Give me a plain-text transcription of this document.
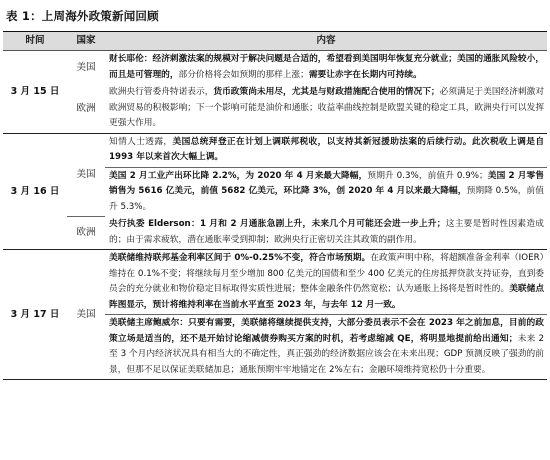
表 1：上周海外政策新闻回顾
时间	国家	内容
3 月 15 日	美国	财长耶伦：经济刺激法案的规模对于解决问题是合适的，希望看到美国明年恢复充分就业；美国的通胀风险较小，而且是可管理的，部分价格将会如预期的那样上涨；需要让赤字在长期内可持续。
	欧洲	欧洲央行管委舟特诺表示，货币政策尚未用尽，尤其是与财政措施配合使用的情况下；必须满足于美国经济刺激对欧洲贸易的积极影响；下一个影响可能是油价和通胀；收益率曲线控制是欧盟关键的稳定工具，欧洲央行可以发挥更强大作用。
3 月 16 日	美国	知情人士透露，美国总统拜登正在计划上调联邦税收，以支持其新冠援助法案的后续行动。此次税收上调是自 1993 年以来首次大幅上调。
		美国 2 月工业产出环比降 2.2%，为 2020 年 4 月来最大降幅，预期升 0.3%，前值升 0.9%；美国 2 月零售销售为 5616 亿美元，前值 5682 亿美元，环比降 3%，创 2020 年 4 月以来最大降幅，预期降 0.5%，前值升 5.3%。
	欧洲	央行执委 Elderson：1 月和 2 月通胀急剧上升，未来几个月可能还会进一步上升；这主要是暂时性因素造成的；由于需求疲软，潜在通胀率受到抑制；欧洲央行正密切关注其政策的副作用。
3 月 17 日	美国	美联储维持联邦基金利率区间于 0%-0.25%不变，符合市场预期。在政策声明中称，将超额准备金利率（IOER）维持在 0.1%不变；将继续每月至少增加 800 亿美元的国债和至少 400 亿美元的住房抵押贷款支持证券，直到委员会的充分就业和物价稳定目标取得实质性进展；整体金融条件仍然宽松；认为通胀上扬将是暂时性的。美联储点阵图显示，预计将维持利率在当前水平直至 2023 年，与去年 12 月一致。
		美联储主席鲍威尔：只要有需要，美联储将继续提供支持，大部分委员表示不会在 2023 年之前加息，目前的政策立场是适当的，还不是开始讨论缩减债券购买方案的时机，若考虑缩减 QE，将明显地提前给出通知；未来 2 至 3 个月内经济状况具有相当大的不确定性，真正强劲的经济数据应该会在未来出现；GDP 预测反映了强劲的前景，但那不足以保证美联储加息；通胀预期牢牢地锚定在 2%左右；金融环境维持宽松仍十分重要。
